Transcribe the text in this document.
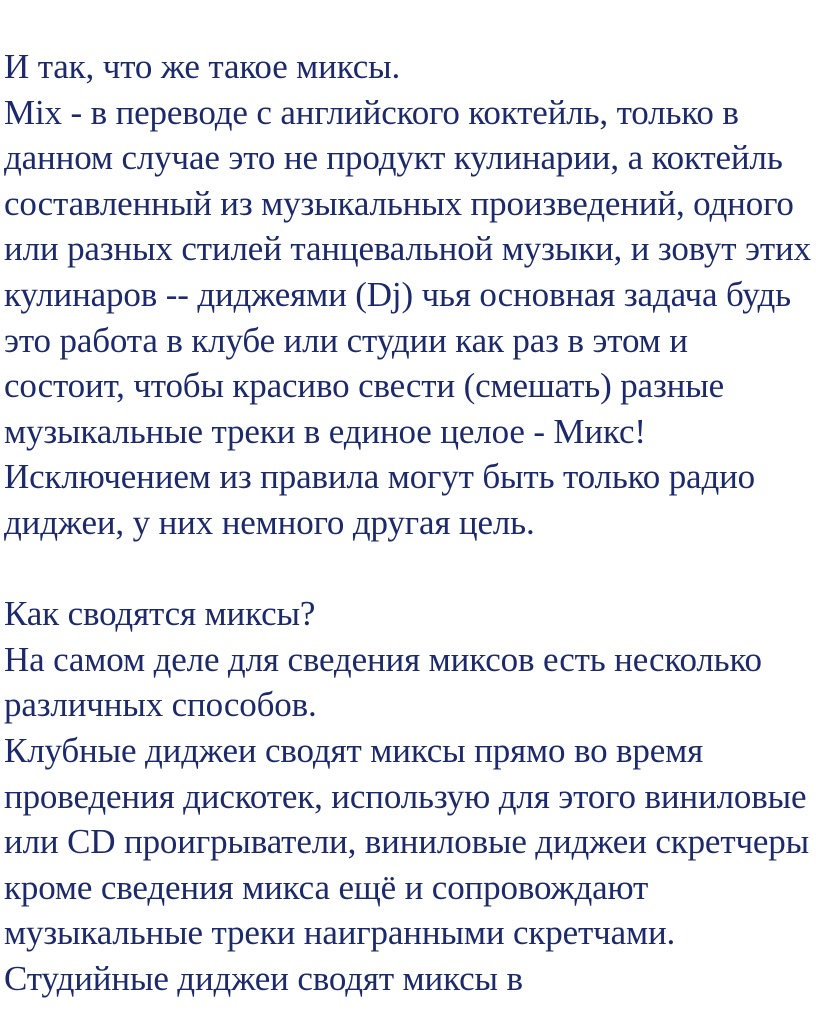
И так, что же такое миксы.
Mix - в переводе с английского коктейль, только в
данном случае это не продукт кулинарии, а коктейль
составленный из музыкальных произведений, одного
или разных стилей танцевальной музыки, и зовут этих
кулинаров -- диджеями (Dj) чья основная задача будь
это работа в клубе или студии как раз в этом и
состоит, чтобы красиво свести (смешать) разные
музыкальные треки в единое целое - Микс!
Исключением из правила могут быть только радио
диджеи, у них немного другая цель.
Как сводятся миксы?
На самом деле для сведения миксов есть несколько
различных способов.
Клубные диджеи сводят миксы прямо во время
проведения дискотек, использую для этого виниловые
или CD проигрыватели, виниловые диджеи скретчеры
кроме сведения микса ещё и сопровождают
музыкальные треки наигранными скретчами.
Студийные диджеи сводят миксы в
